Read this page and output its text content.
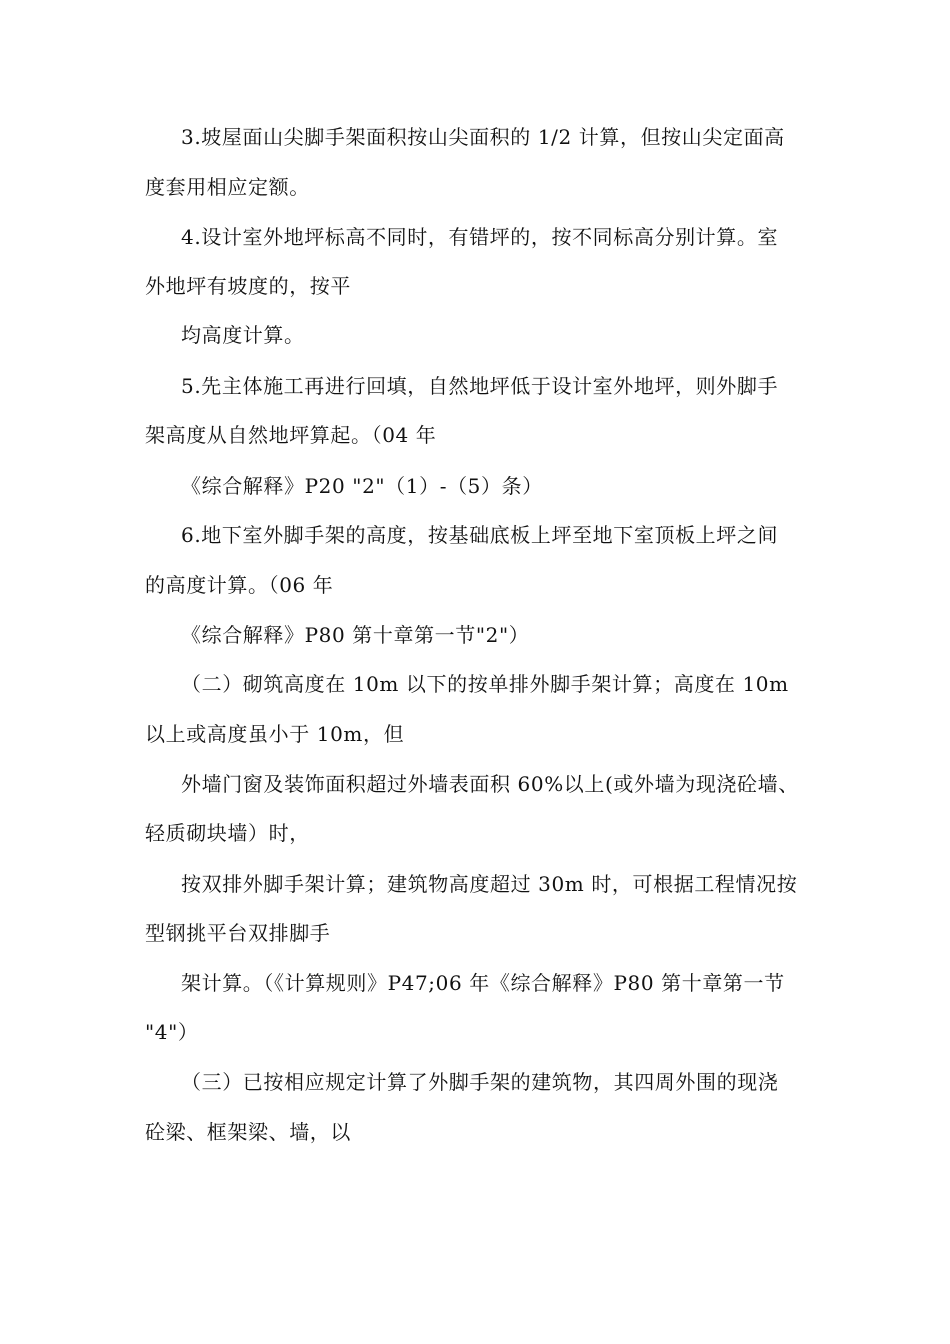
3.坡屋面山尖脚手架面积按山尖面积的 1/2 计算，但按山尖定面高
度套用相应定额。
4.设计室外地坪标高不同时，有错坪的，按不同标高分别计算。室
外地坪有坡度的，按平
均高度计算。
5.先主体施工再进行回填，自然地坪低于设计室外地坪，则外脚手
架高度从自然地坪算起。（04 年
《综合解释》P20 "2"（1）-（5）条）
6.地下室外脚手架的高度，按基础底板上坪至地下室顶板上坪之间
的高度计算。（06 年
《综合解释》P80 第十章第一节"2"）
（二）砌筑高度在 10m 以下的按单排外脚手架计算；高度在 10m
以上或高度虽小于 10m，但
外墙门窗及装饰面积超过外墙表面积 60%以上(或外墙为现浇砼墙、
轻质砌块墙）时，
按双排外脚手架计算；建筑物高度超过 30m 时，可根据工程情况按
型钢挑平台双排脚手
架计算。（《计算规则》P47;06 年《综合解释》P80 第十章第一节
"4"）
（三）已按相应规定计算了外脚手架的建筑物，其四周外围的现浇
砼梁、框架梁、墙，以
